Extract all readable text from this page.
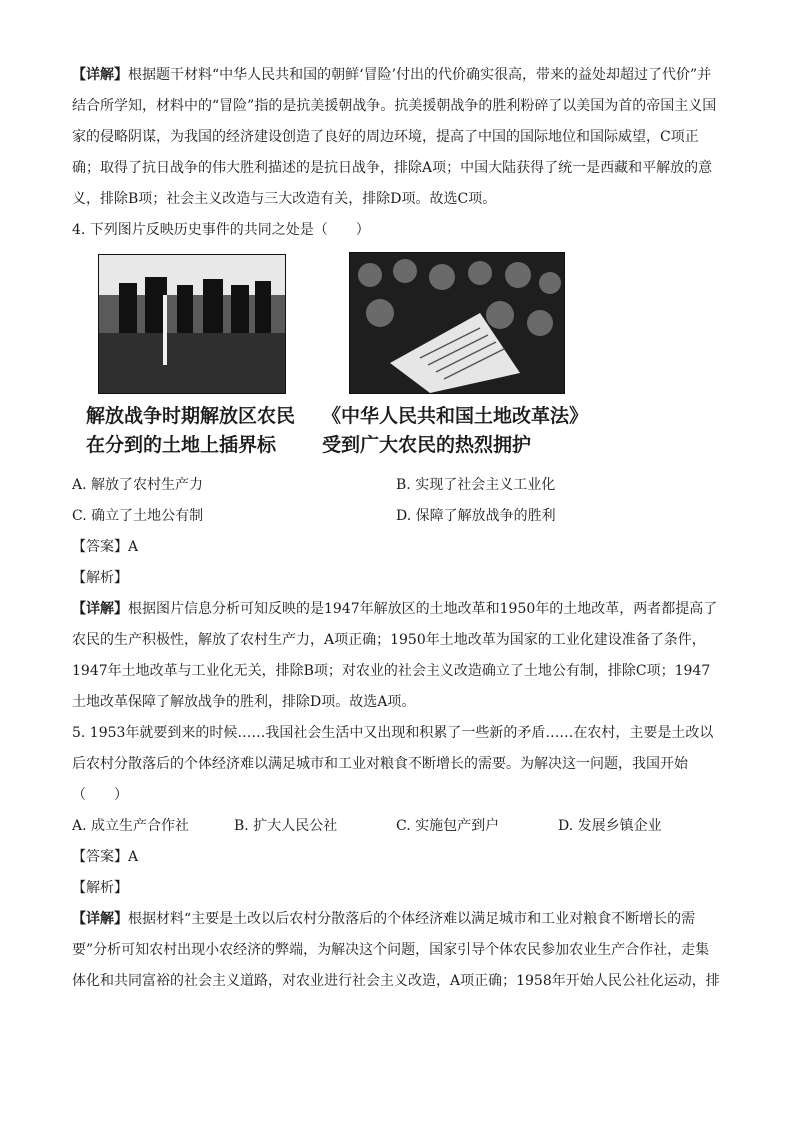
【详解】根据题干材料“中华人民共和国的朝鲜‘冒险’付出的代价确实很高，带来的益处却超过了代价”并

结合所学知，材料中的“冒险”指的是抗美援朝战争。抗美援朝战争的胜利粉碎了以美国为首的帝国主义国

家的侵略阴谋，为我国的经济建设创造了良好的周边环境，提高了中国的国际地位和国际威望，C项正

确；取得了抗日战争的伟大胜利描述的是抗日战争，排除A项；中国大陆获得了统一是西藏和平解放的意

义，排除B项；社会主义改造与三大改造有关，排除D项。故选C项。

4. 下列图片反映历史事件的共同之处是（　　）

解放战争时期解放区农民
在分到的土地上插界标
《中华人民共和国土地改革法》
受到广大农民的热烈拥护
A. 解放了农村生产力	B. 实现了社会主义工业化
C. 确立了土地公有制	D. 保障了解放战争的胜利

【答案】A

【解析】

【详解】根据图片信息分析可知反映的是1947年解放区的土地改革和1950年的土地改革，两者都提高了

农民的生产积极性，解放了农村生产力，A项正确；1950年土地改革为国家的工业化建设准备了条件，

1947年土地改革与工业化无关，排除B项；对农业的社会主义改造确立了土地公有制，排除C项；1947

土地改革保障了解放战争的胜利，排除D项。故选A项。

5. 1953年就要到来的时候……我国社会生活中又出现和积累了一些新的矛盾……在农村，主要是土改以

后农村分散落后的个体经济难以满足城市和工业对粮食不断增长的需要。为解决这一问题，我国开始

（　　）

A. 成立生产合作社	B. 扩大人民公社	C. 实施包产到户	D. 发展乡镇企业

【答案】A

【解析】

【详解】根据材料“主要是土改以后农村分散落后的个体经济难以满足城市和工业对粮食不断增长的需

要”分析可知农村出现小农经济的弊端，为解决这个问题，国家引导个体农民参加农业生产合作社，走集

体化和共同富裕的社会主义道路，对农业进行社会主义改造，A项正确；1958年开始人民公社化运动，排
